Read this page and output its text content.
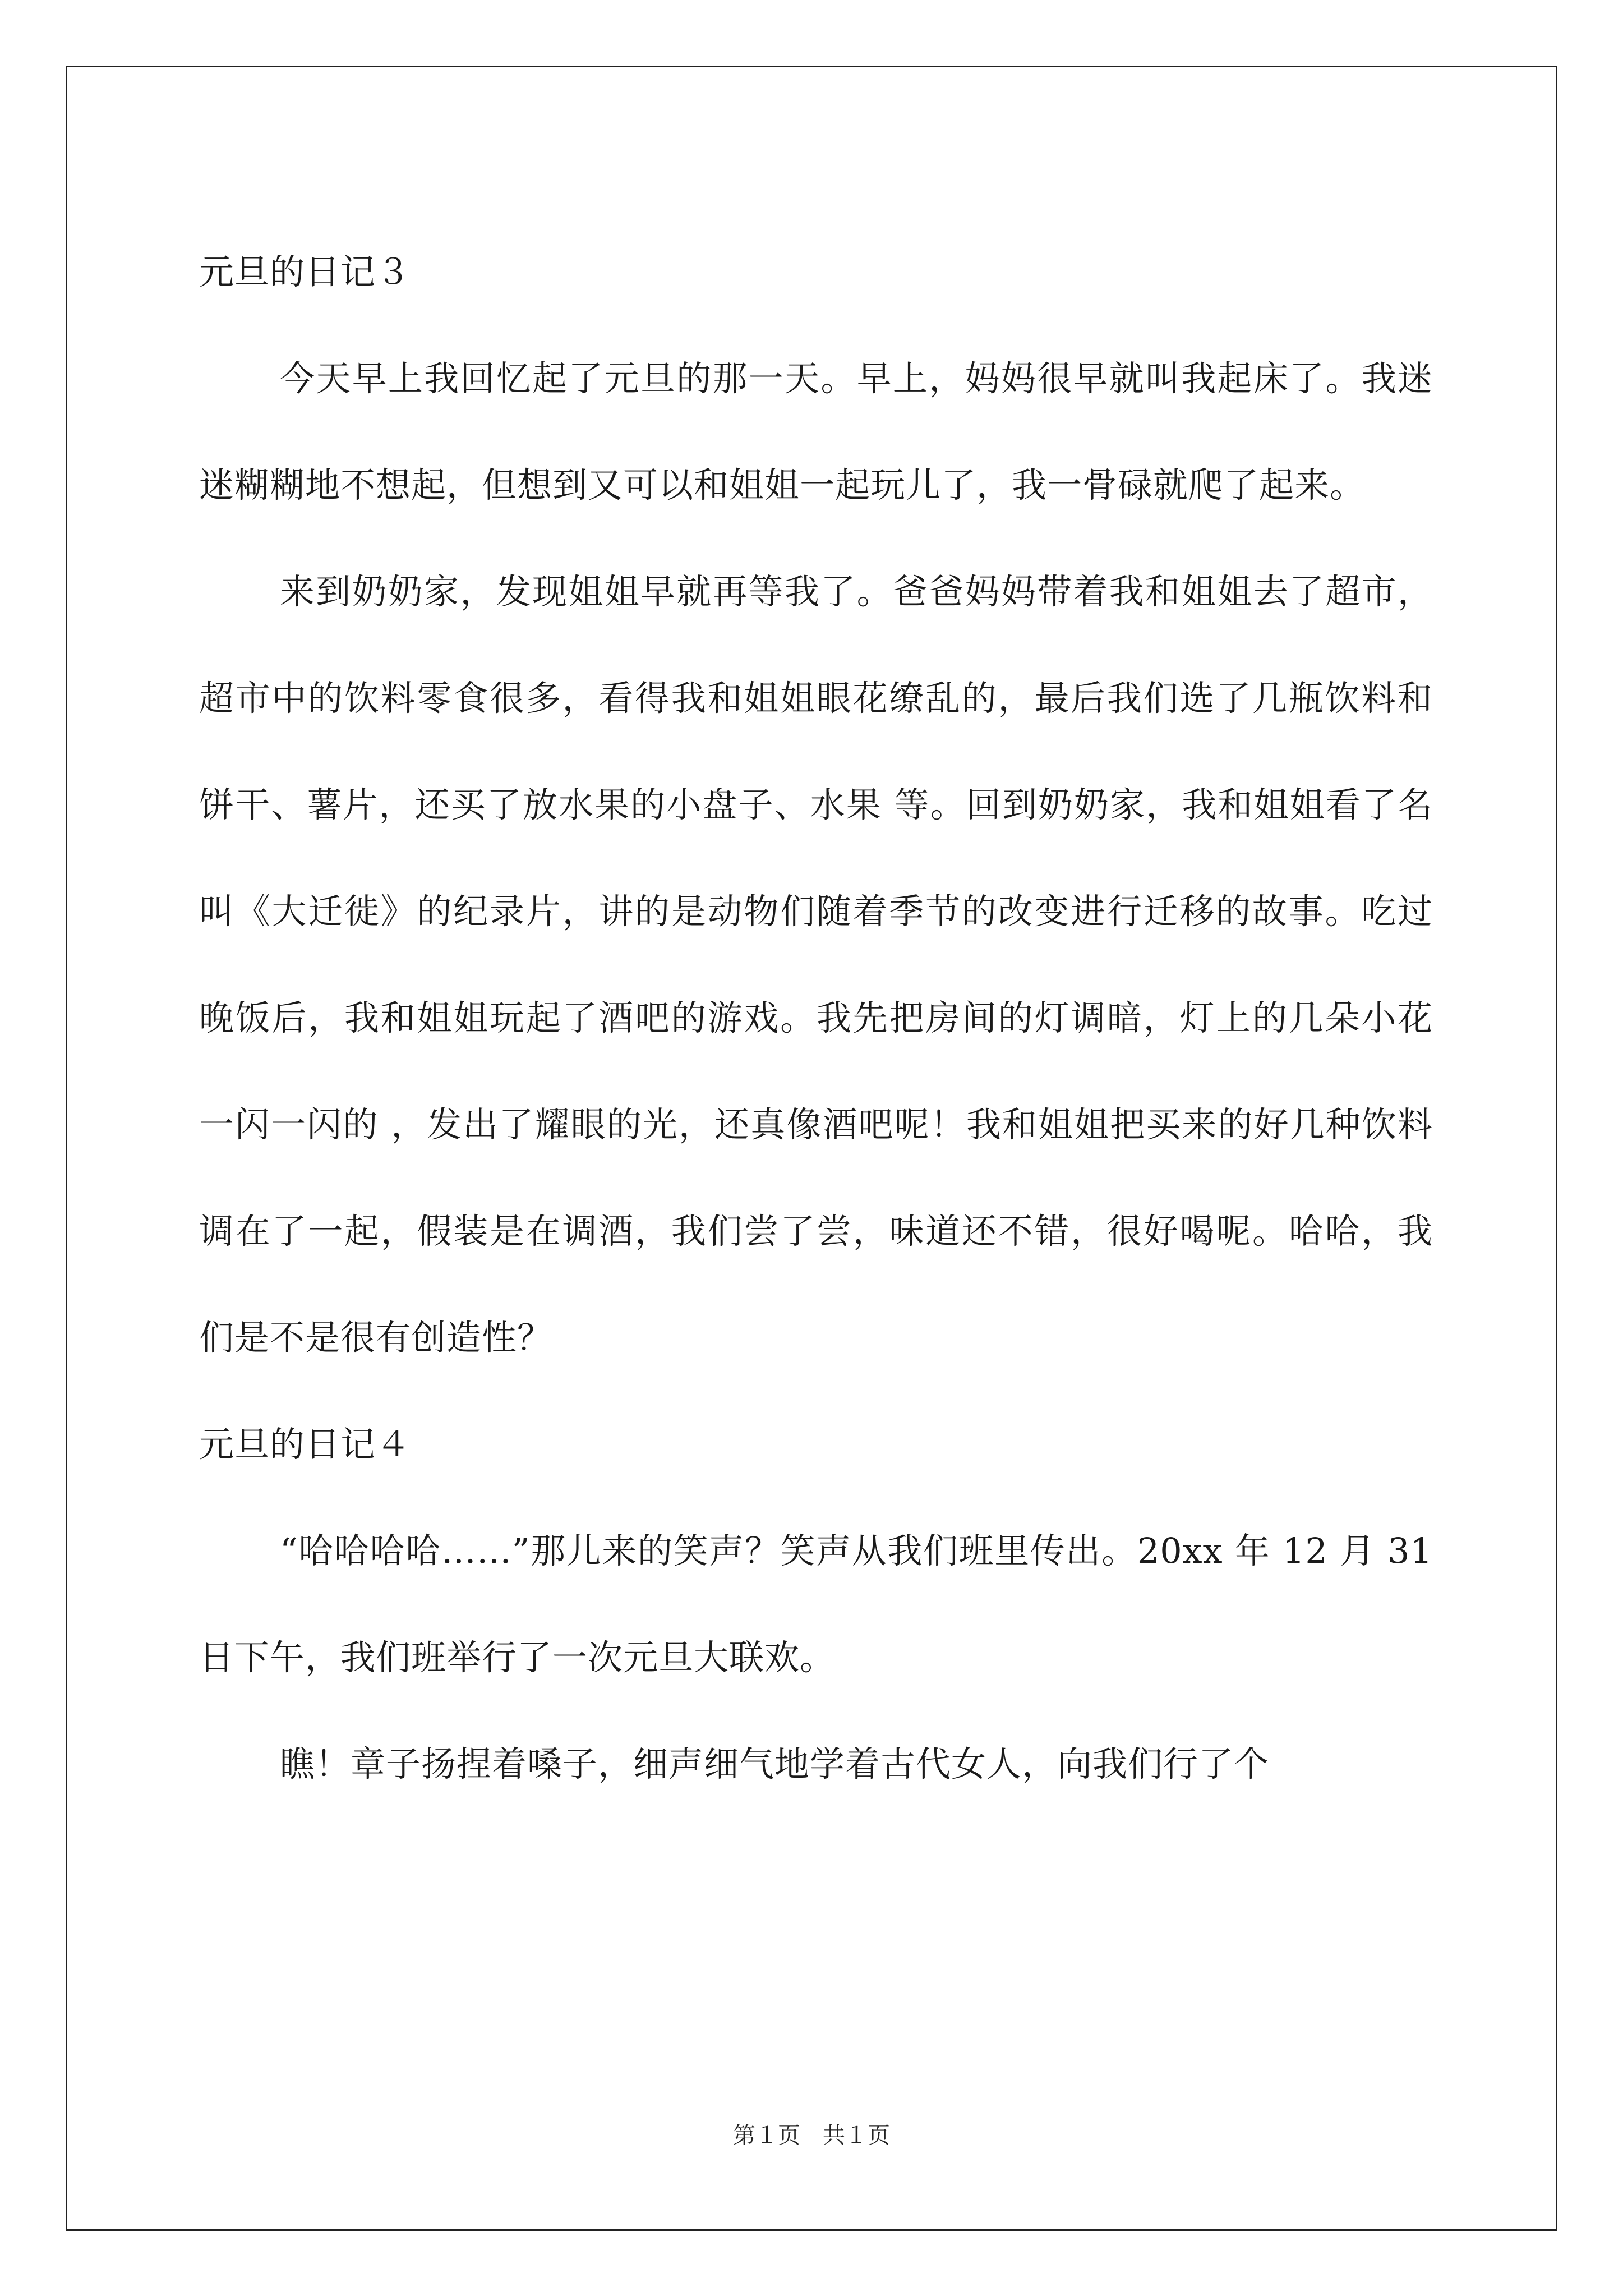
元旦的日记３

今天早上我回忆起了元旦的那一天。早上，妈妈很早就叫我起床了。我迷迷糊糊地不想起，但想到又可以和姐姐一起玩儿了，我一骨碌就爬了起来。

来到奶奶家，发现姐姐早就再等我了。爸爸妈妈带着我和姐姐去了超市，超市中的饮料零食很多，看得我和姐姐眼花缭乱的，最后我们选了几瓶饮料和饼干、薯片，还买了放水果的小盘子、水果 等。回到奶奶家，我和姐姐看了名叫《大迁徙》的纪录片，讲的是动物们随着季节的改变进行迁移的故事。吃过晚饭后，我和姐姐玩起了酒吧的游戏。我先把房间的灯调暗，灯上的几朵小花一闪一闪的 ，发出了耀眼的光，还真像酒吧呢！我和姐姐把买来的好几种饮料调在了一起，假装是在调酒，我们尝了尝，味道还不错，很好喝呢。哈哈，我们是不是很有创造性？

元旦的日记４

“哈哈哈哈……”那儿来的笑声？笑声从我们班里传出。20xx 年 12 月 31 日下午，我们班举行了一次元旦大联欢。

瞧！章子扬捏着嗓子，细声细气地学着古代女人，向我们行了个

第１页　共１页
